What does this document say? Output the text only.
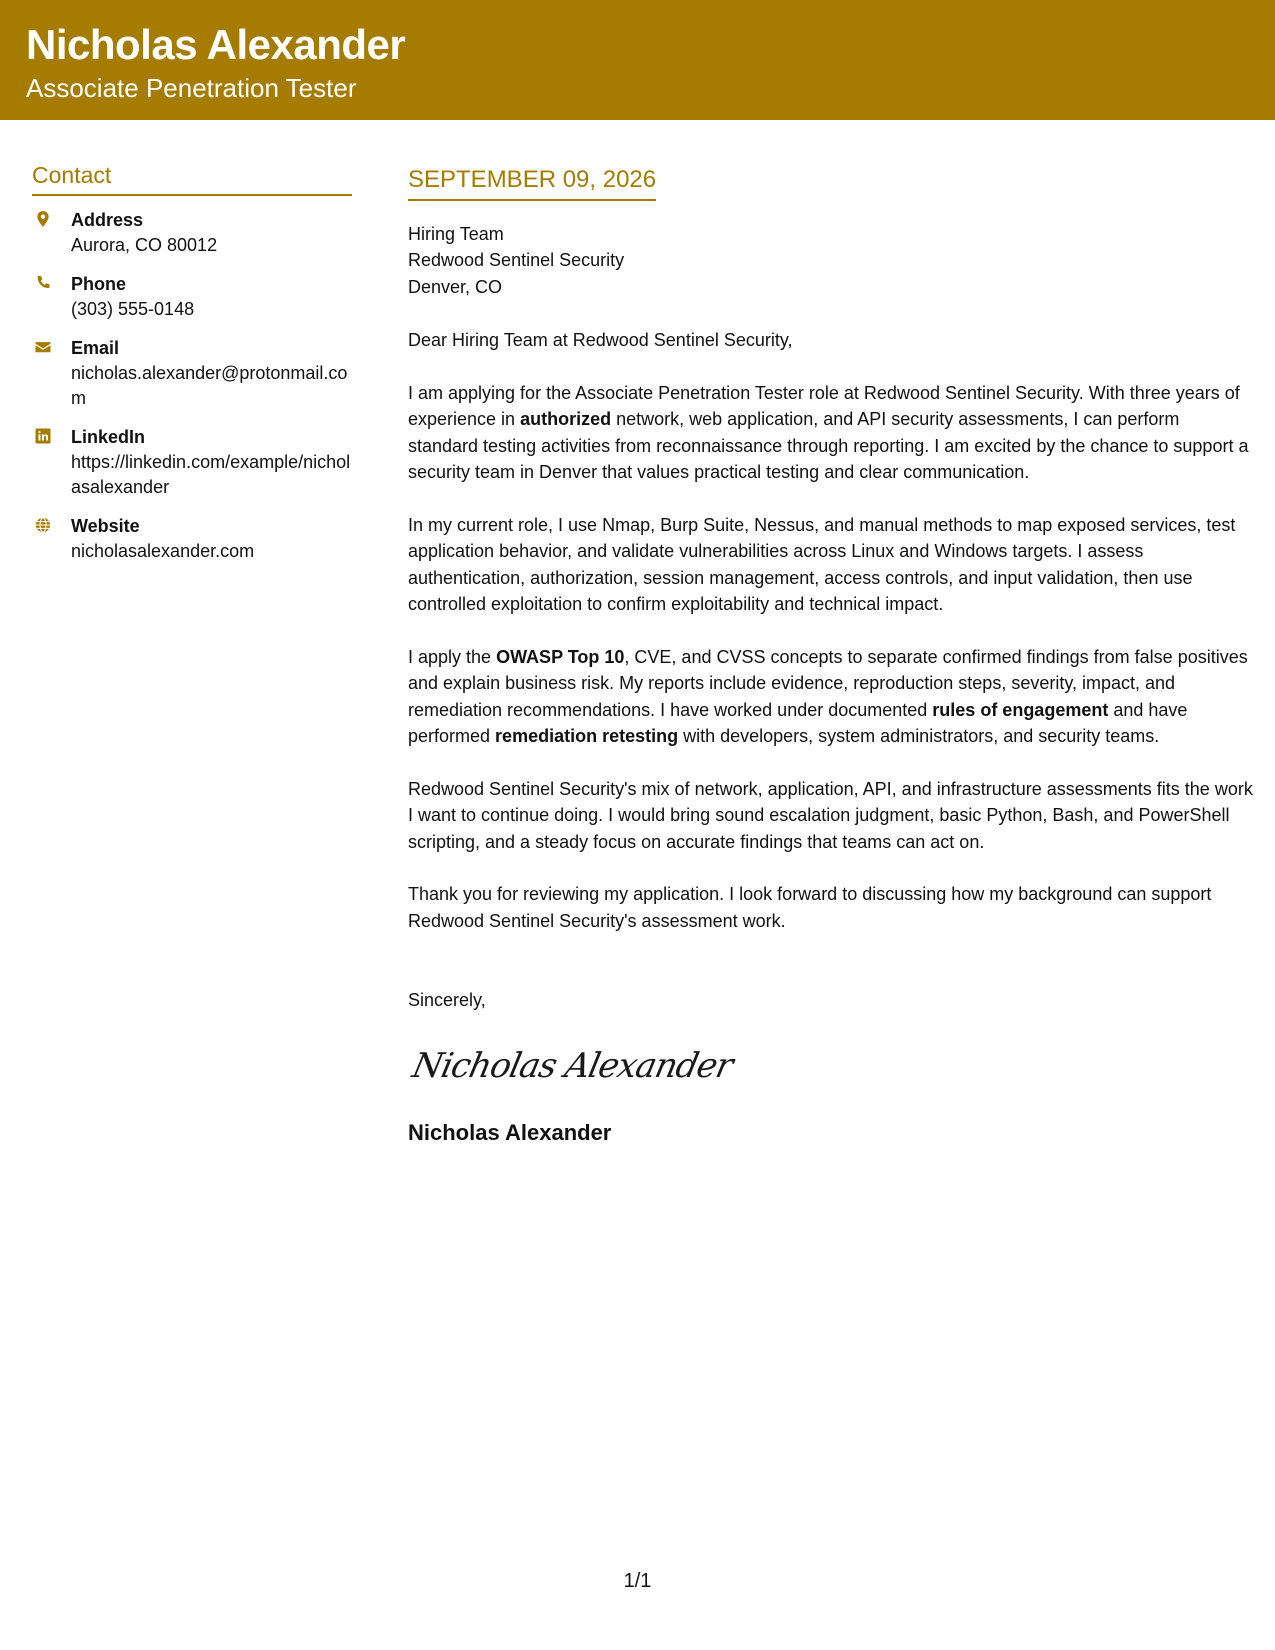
Nicholas Alexander
Associate Penetration Tester
Contact
Address
Aurora, CO 80012
Phone
(303) 555-0148
Email
nicholas.alexander@protonmail.com
LinkedIn
https://linkedin.com/example/nicholasalexander
Website
nicholasalexander.com
SEPTEMBER 09, 2026
Hiring Team
Redwood Sentinel Security
Denver, CO
Dear Hiring Team at Redwood Sentinel Security,
I am applying for the Associate Penetration Tester role at Redwood Sentinel Security. With three years of experience in authorized network, web application, and API security assessments, I can perform standard testing activities from reconnaissance through reporting. I am excited by the chance to support a security team in Denver that values practical testing and clear communication.
In my current role, I use Nmap, Burp Suite, Nessus, and manual methods to map exposed services, test application behavior, and validate vulnerabilities across Linux and Windows targets. I assess authentication, authorization, session management, access controls, and input validation, then use controlled exploitation to confirm exploitability and technical impact.
I apply the OWASP Top 10, CVE, and CVSS concepts to separate confirmed findings from false positives and explain business risk. My reports include evidence, reproduction steps, severity, impact, and remediation recommendations. I have worked under documented rules of engagement and have performed remediation retesting with developers, system administrators, and security teams.
Redwood Sentinel Security's mix of network, application, API, and infrastructure assessments fits the work I want to continue doing. I would bring sound escalation judgment, basic Python, Bash, and PowerShell scripting, and a steady focus on accurate findings that teams can act on.
Thank you for reviewing my application. I look forward to discussing how my background can support Redwood Sentinel Security's assessment work.
Sincerely,
Nicholas Alexander
Nicholas Alexander
1/1
